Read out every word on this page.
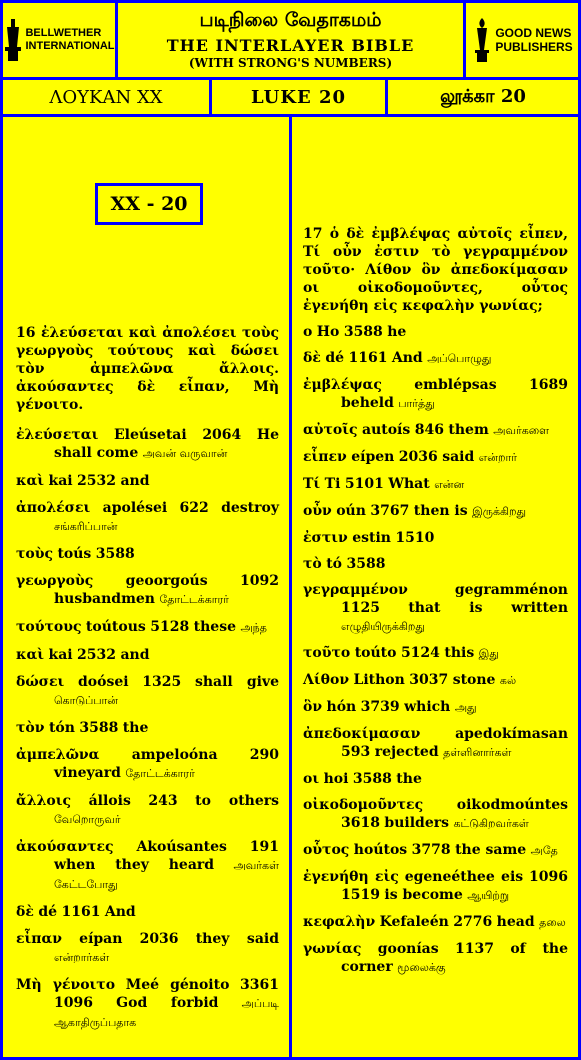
BELLWETHER
INTERNATIONAL
படிநிலை வேதாகமம்
THE INTERLAYER BIBLE
(WITH STRONG'S NUMBERS)
GOOD NEWS
PUBLISHERS
ΛΟΥΚΑΝ XX	LUKE 20	லூக்கா 20
XX - 20
16 ἐλεύσεται καὶ ἀπολέσει τοὺς γεωργοὺς τούτους καὶ δώσει τὸν ἀμπελῶνα ἄλλοις. ἀκούσαντες δὲ εἶπαν, Μὴ γένοιτο.
ἐλεύσεται Eleúsetai 2064 He shall come அவன் வருவான்
καὶ kai 2532 and
ἀπολέσει apolései 622 destroy சங்கரிப்பான்
τοὺς toús 3588
γεωργοὺς geoorgoús 1092 husbandmen தோட்டக்காரர்
τούτους toútous 5128 these அந்த
καὶ kai 2532 and
δώσει doósei 1325 shall give கொடுப்பான்
τὸν tón 3588 the
ἀμπελῶνα ampeloóna 290 vineyard தோட்டக்காரர்
ἄλλοις állois 243 to others வேறொருவர்
ἀκούσαντες Akoúsantes 191 when they heard அவர்கள் கேட்டபோது
δὲ dé 1161 And
εἶπαν eípan 2036 they said என்றார்கள்
Μὴ γένοιτο Meé génoito 3361 1096 God forbid அப்படி ஆகாதிருப்பதாக
17 ὁ δὲ ἐμβλέψας αὐτοῖς εἶπεν, Τί οὖν ἐστιν τὸ γεγραμμένον τοῦτο· Λίθον ὃν ἀπεδοκίμασαν οι οἰκοδομοῦντες, οὗτος ἐγενήθη εἰς κεφαλὴν γωνίας;
ο Ho 3588 he
δὲ dé 1161 And அப்பொழுது
ἐμβλέψας emblépsas 1689 beheld பார்த்து
αὐτοῖς autoís 846 them அவர்களை
εἶπεν eípen 2036 said என்றார்
Τί Ti 5101 What என்ன
οὖν oún 3767 then is இருக்கிறது
ἐστιν estin 1510
τὸ tó 3588
γεγραμμένον	gegramménon 1125 that is written எழுதியிருக்கிறது
τοῦτο toúto 5124 this இது
Λίθον Lithon 3037 stone கல்
ὃν hón 3739 which அது
ἀπεδοκίμασαν apedokímasan 593 rejected தள்ளினார்கள்
οι hoi 3588 the
οἰκοδομοῦντες oikodmoúntes 3618 builders கட்டுகிறவர்கள்
οὗτος hoútos 3778 the same அதே
ἐγενήθη εἰς egeneéthee eis 1096 1519 is become ஆயிற்று
κεφαλὴν Kefaleén 2776 head தலை
γωνίας goonías 1137 of the corner மூலைக்கு
